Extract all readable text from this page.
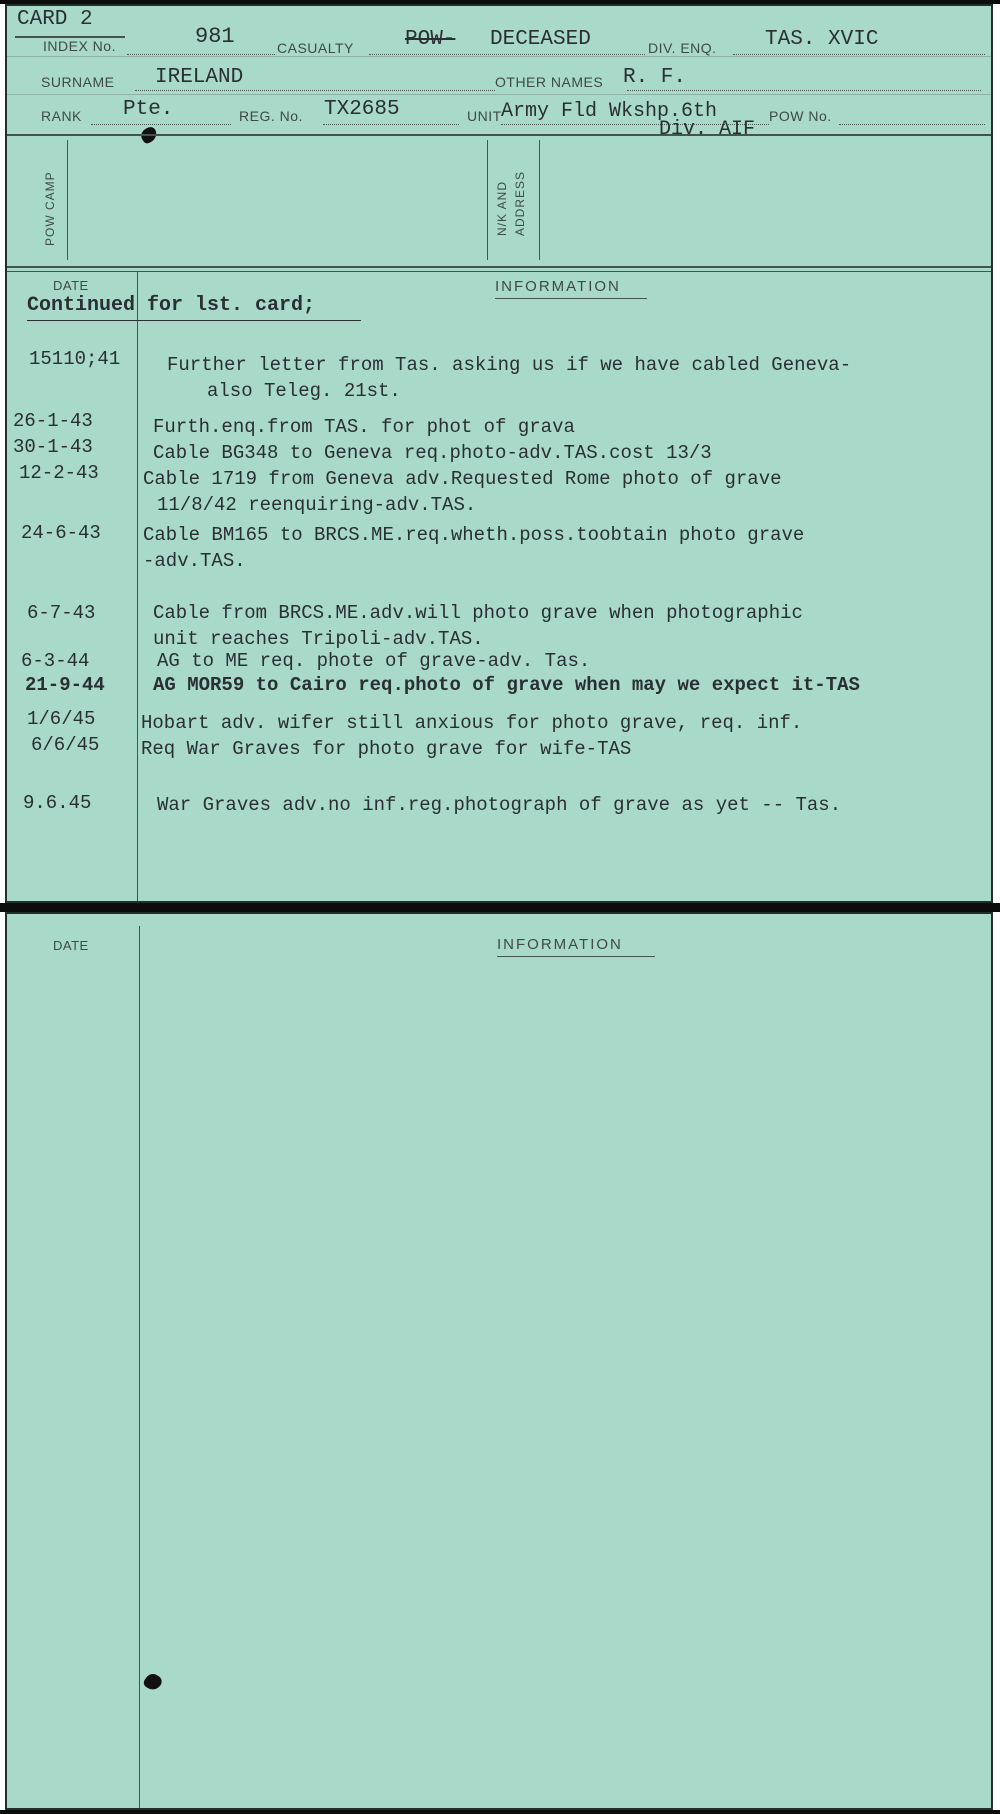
CARD 2
INDEX No.	981	CASUALTY POW- DECEASED	DIV. ENQ. TAS. XVIC
SURNAME IRELAND	OTHER NAMES R. F.
RANK Pte.	REG. No. TX2685	UNIT Army Fld Wkshp.6th
Div. AIF
POW No.
POW CAMP	N/K AND ADDRESS
DATE	INFORMATION
Continued for lst. card;
15110;41 Further letter from Tas. asking us if we have cabled Geneva-
also Teleg. 21st.
26-1-43	Furth.enq.from TAS. for phot of grava
30-1-43	Cable BG348 to Geneva req.photo-adv.TAS.cost 13/3
12-2-43 Cable 1719 from Geneva adv.Requested Rome photo of grave
11/8/42 reenquiring-adv.TAS.
24-6-43 Cable BM165 to BRCS.ME.req.wheth.poss.toobtain photo grave
-adv.TAS.
6-7-43	Cable from BRCS.ME.adv.will photo grave when photographic
unit reaches Tripoli-adv.TAS.
6-3-44	AG to ME req. phote of grave-adv. Tas.
21-9-44	AG MOR59 to Cairo req.photo of grave when may we expect it-TAS
1/6/45 Hobart adv. wifer still anxious for photo grave, req. inf.
6/6/45 Req War Graves for photo grave for wife-TAS
9.6.45	War Graves adv.no inf.reg.photograph of grave as yet -- Tas.
DATE	INFORMATION
